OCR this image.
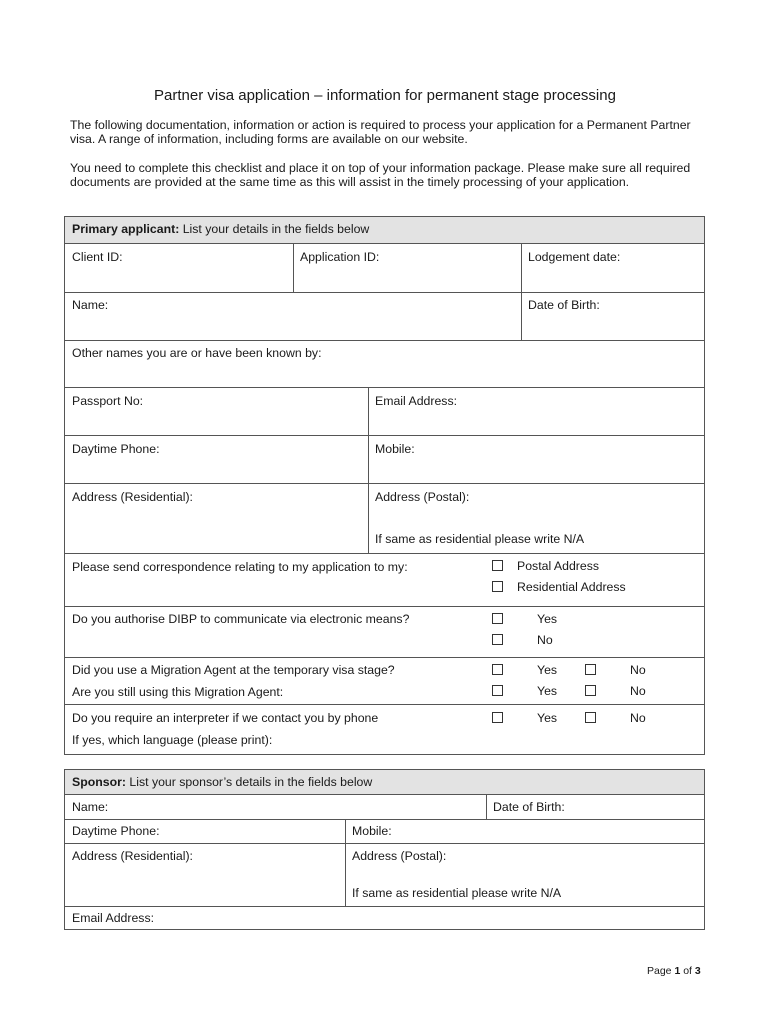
Partner visa application – information for permanent stage processing

The following documentation, information or action is required to process your application for a Permanent Partner visa. A range of information, including forms are available on our website.

You need to complete this checklist and place it on top of your information package. Please make sure all required documents are provided at the same time as this will assist in the timely processing of your application.

Primary applicant: List your details in the fields below
Client ID:	Application ID:	Lodgement date:
Name:	Date of Birth:
Other names you are or have been known by:
Passport No:	Email Address:
Daytime Phone:	Mobile:
Address (Residential):	Address (Postal):
If same as residential please write N/A
Please send correspondence relating to my application to my:	Postal Address
Residential Address
Do you authorise DIBP to communicate via electronic means?	Yes
No
Did you use a Migration Agent at the temporary visa stage?	Yes	No
Are you still using this Migration Agent:	Yes	No
Do you require an interpreter if we contact you by phone	Yes	No
If yes, which language (please print):
Sponsor: List your sponsor’s details in the fields below
Name:	Date of Birth:
Daytime Phone:	Mobile:
Address (Residential):	Address (Postal):
If same as residential please write N/A
Email Address:
Page 1 of 3
